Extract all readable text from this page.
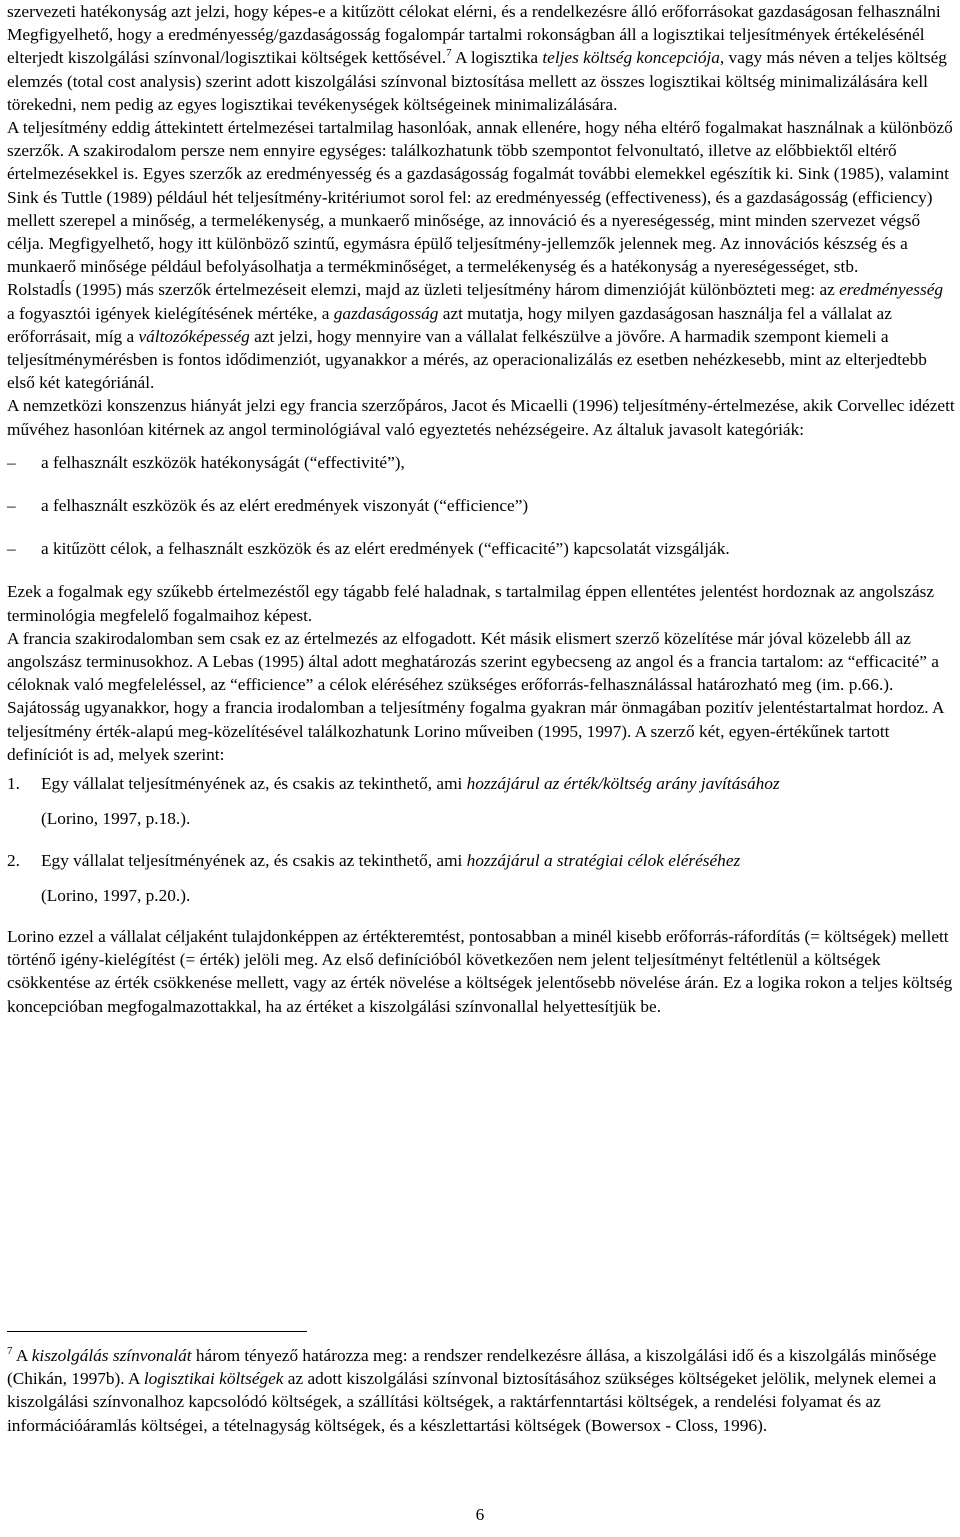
szervezeti hatékonyság azt jelzi, hogy képes-e a kitűzött célokat elérni, és a rendelkezésre álló erőforrásokat gazdaságosan felhasználni

Megfigyelhető, hogy a eredményesség/gazdaságosság fogalompár tartalmi rokonságban áll a logisztikai teljesítmények értékelésénél elterjedt kiszolgálási színvonal/logisztikai költségek kettősével.$^7$ A logisztika teljes költség koncepciója, vagy más néven a teljes költség elemzés (total cost analysis) szerint adott kiszolgálási színvonal biztosítása mellett az összes logisztikai költség minimalizálására kell törekedni, nem pedig az egyes logisztikai tevékenységek költségeinek minimalizálására.

A teljesítmény eddig áttekintett értelmezései tartalmilag hasonlóak, annak ellenére, hogy néha eltérő fogalmakat használnak a különböző szerzők. A szakirodalom persze nem ennyire egységes: találkozhatunk több szempontot felvonultató, illetve az előbbiektől eltérő értelmezésekkel is. Egyes szerzők az eredményesség és a gazdaságosság fogalmát további elemekkel egészítik ki. Sink (1985), valamint Sink és Tuttle (1989) például hét teljesítmény-kritériumot sorol fel: az eredményesség (effectiveness), és a gazdaságosság (efficiency) mellett szerepel a minőség, a termelékenység, a munkaerő minősége, az innováció és a nyereségesség, mint minden szervezet végső célja. Megfigyelhető, hogy itt különböző szintű, egymásra épülő teljesítmény-jellemzők jelennek meg. Az innovációs készség és a munkaerő minősége például befolyásolhatja a termékminőséget, a termelékenység és a hatékonyság a nyereségességet, stb.

Rolstadĺs (1995) más szerzők értelmezéseit elemzi, majd az üzleti teljesítmény három dimenzióját különbözteti meg: az eredményesség a fogyasztói igények kielégítésének mértéke, a gazdaságosság azt mutatja, hogy milyen gazdaságosan használja fel a vállalat az erőforrásait, míg a változóképesség azt jelzi, hogy mennyire van a vállalat felkészülve a jövőre. A harmadik szempont kiemeli a teljesítménymérésben is fontos idődimenziót, ugyanakkor a mérés, az operacionalizálás ez esetben nehézkesebb, mint az elterjedtebb első két kategóriánál.

A nemzetközi konszenzus hiányát jelzi egy francia szerzőpáros, Jacot és Micaelli (1996) teljesítmény-értelmezése, akik Corvellec idézett művéhez hasonlóan kitérnek az angol terminológiával való egyeztetés nehézségeire. Az általuk javasolt kategóriák:

–	a felhasznált eszközök hatékonyságát (“effectivité”),
–	a felhasznált eszközök és az elért eredmények viszonyát (“efficience”)
–	a kitűzött célok, a felhasznált eszközök és az elért eredmények (“efficacité”) kapcsolatát vizsgálják.

Ezek a fogalmak egy szűkebb értelmezéstől egy tágabb felé haladnak, s tartalmilag éppen ellentétes jelentést hordoznak az angolszász terminológia megfelelő fogalmaihoz képest.

A francia szakirodalomban sem csak ez az értelmezés az elfogadott. Két másik elismert szerző közelítése már jóval közelebb áll az angolszász terminusokhoz. A Lebas (1995) által adott meghatározás szerint egybecseng az angol és a francia tartalom: az “efficacité” a céloknak való megfeleléssel, az “efficience” a célok eléréséhez szükséges erőforrás-felhasználással határozható meg (im. p.66.).

Sajátosság ugyanakkor, hogy a francia irodalomban a teljesítmény fogalma gyakran már önmagában pozitív jelentéstartalmat hordoz. A teljesítmény érték-alapú meg-közelítésével találkozhatunk Lorino műveiben (1995, 1997). A szerző két, egyen-értékűnek tartott definíciót is ad, melyek szerint:

1. Egy vállalat teljesítményének az, és csakis az tekinthető, ami hozzájárul az érték/költség arány javításához
(Lorino, 1997, p.18.).
2. Egy vállalat teljesítményének az, és csakis az tekinthető, ami hozzájárul a stratégiai célok eléréséhez
(Lorino, 1997, p.20.).

Lorino ezzel a vállalat céljaként tulajdonképpen az értékteremtést, pontosabban a minél kisebb erőforrás-ráfordítás (= költségek) mellett történő igény-kielégítést (= érték) jelöli meg. Az első definícióból következően nem jelent teljesítményt feltétlenül a költségek csökkentése az érték csökkenése mellett, vagy az érték növelése a költségek jelentősebb növelése árán. Ez a logika rokon a teljes költség koncepcióban megfogalmazottakkal, ha az értéket a kiszolgálási színvonallal helyettesítjük be.

$^7$ A kiszolgálás színvonalát három tényező határozza meg: a rendszer rendelkezésre állása, a kiszolgálási idő és a kiszolgálás minősége (Chikán, 1997b). A logisztikai költségek az adott kiszolgálási színvonal biztosításához szükséges költségeket jelölik, melynek elemei a kiszolgálási színvonalhoz kapcsolódó költségek, a szállítási költségek, a raktárfenntartási költségek, a rendelési folyamat és az információáramlás költségei, a tételnagyság költségek, és a készlettartási költségek (Bowersox - Closs, 1996).

6
